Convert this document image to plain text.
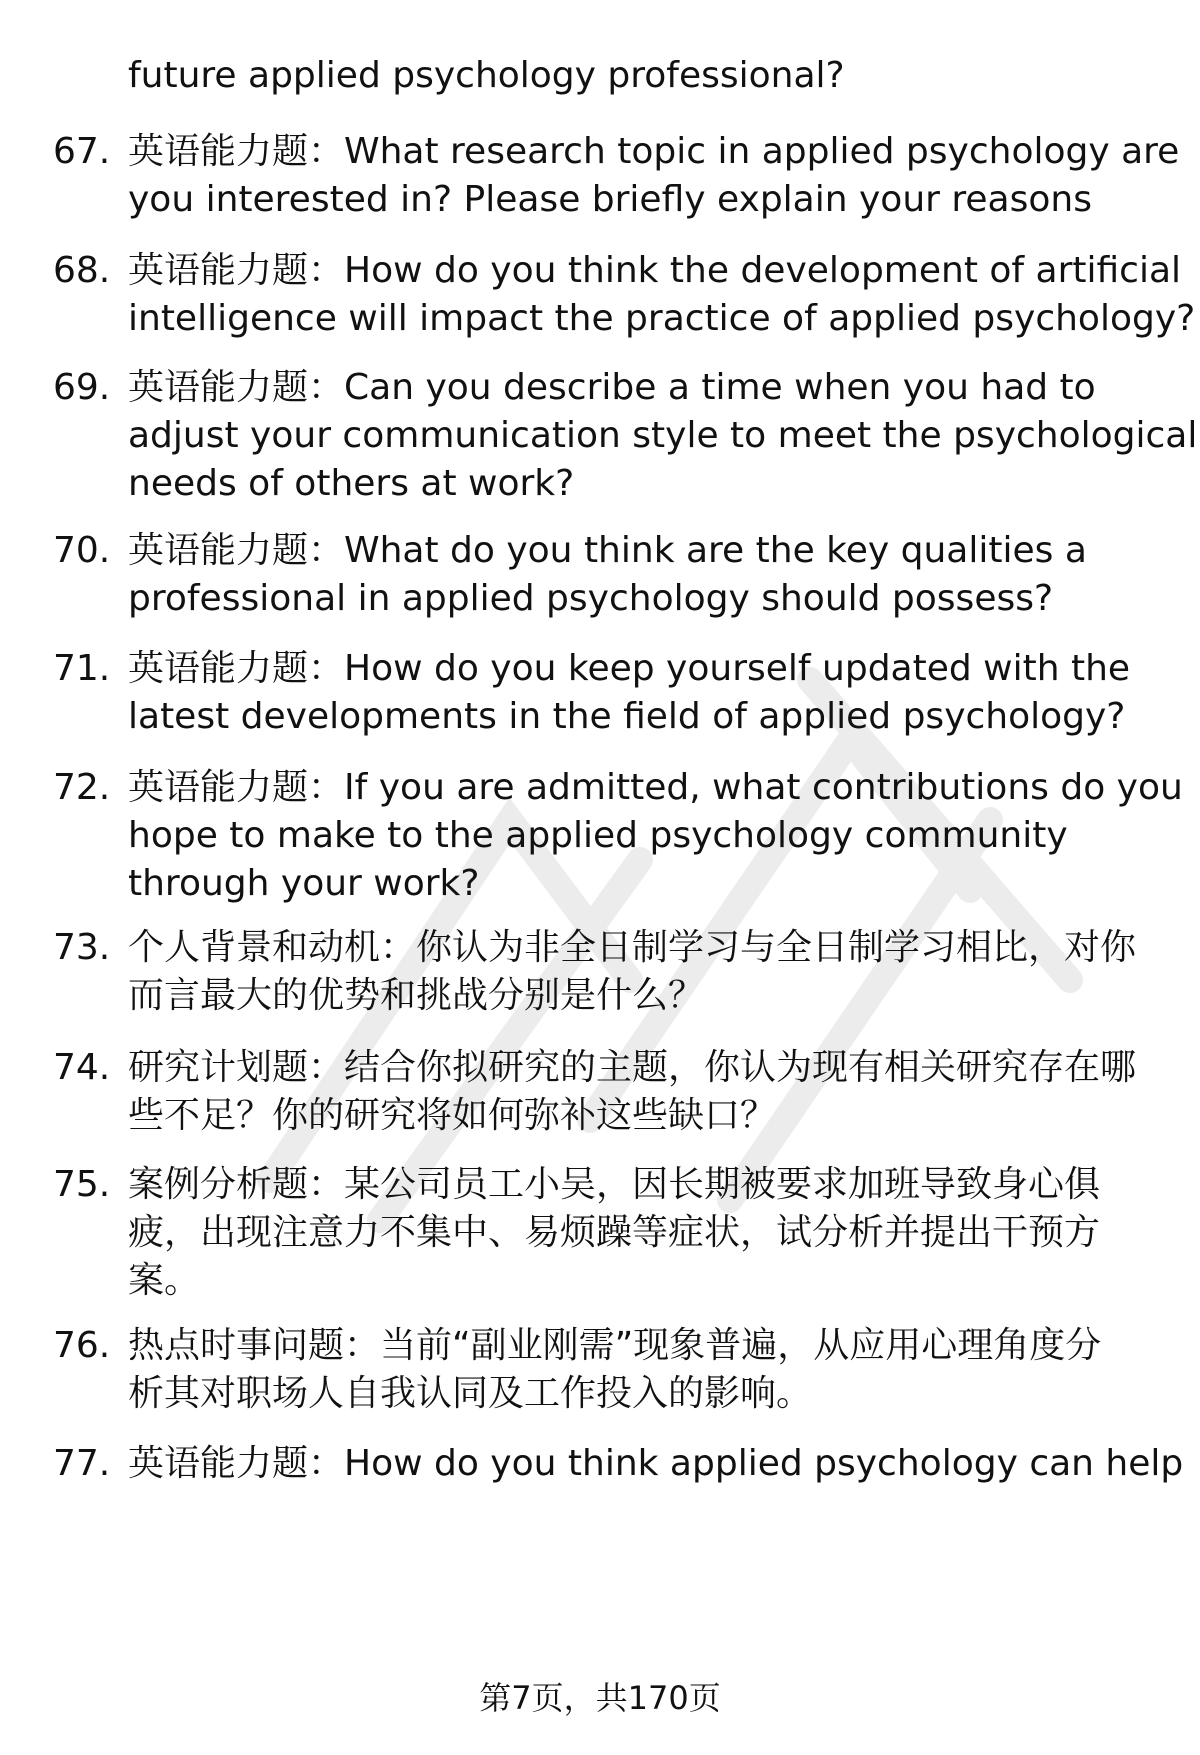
future applied psychology professional?
67. 英语能力题：What research topic in applied psychology are
you interested in? Please briefly explain your reasons
68. 英语能力题：How do you think the development of artificial
intelligence will impact the practice of applied psychology?
69. 英语能力题：Can you describe a time when you had to
adjust your communication style to meet the psychological
needs of others at work?
70. 英语能力题：What do you think are the key qualities a
professional in applied psychology should possess?
71. 英语能力题：How do you keep yourself updated with the
latest developments in the field of applied psychology?
72. 英语能力题：If you are admitted, what contributions do you
hope to make to the applied psychology community
through your work?
73. 个人背景和动机：你认为非全日制学习与全日制学习相比，对你
而言最大的优势和挑战分别是什么？
74. 研究计划题：结合你拟研究的主题，你认为现有相关研究存在哪
些不足？你的研究将如何弥补这些缺口？
75. 案例分析题：某公司员工小吴，因长期被要求加班导致身心俱
疲，出现注意力不集中、易烦躁等症状，试分析并提出干预方
案。
76. 热点时事问题：当前“副业刚需”现象普遍，从应用心理角度分
析其对职场人自我认同及工作投入的影响。
77. 英语能力题：How do you think applied psychology can help
第7页，共170页
